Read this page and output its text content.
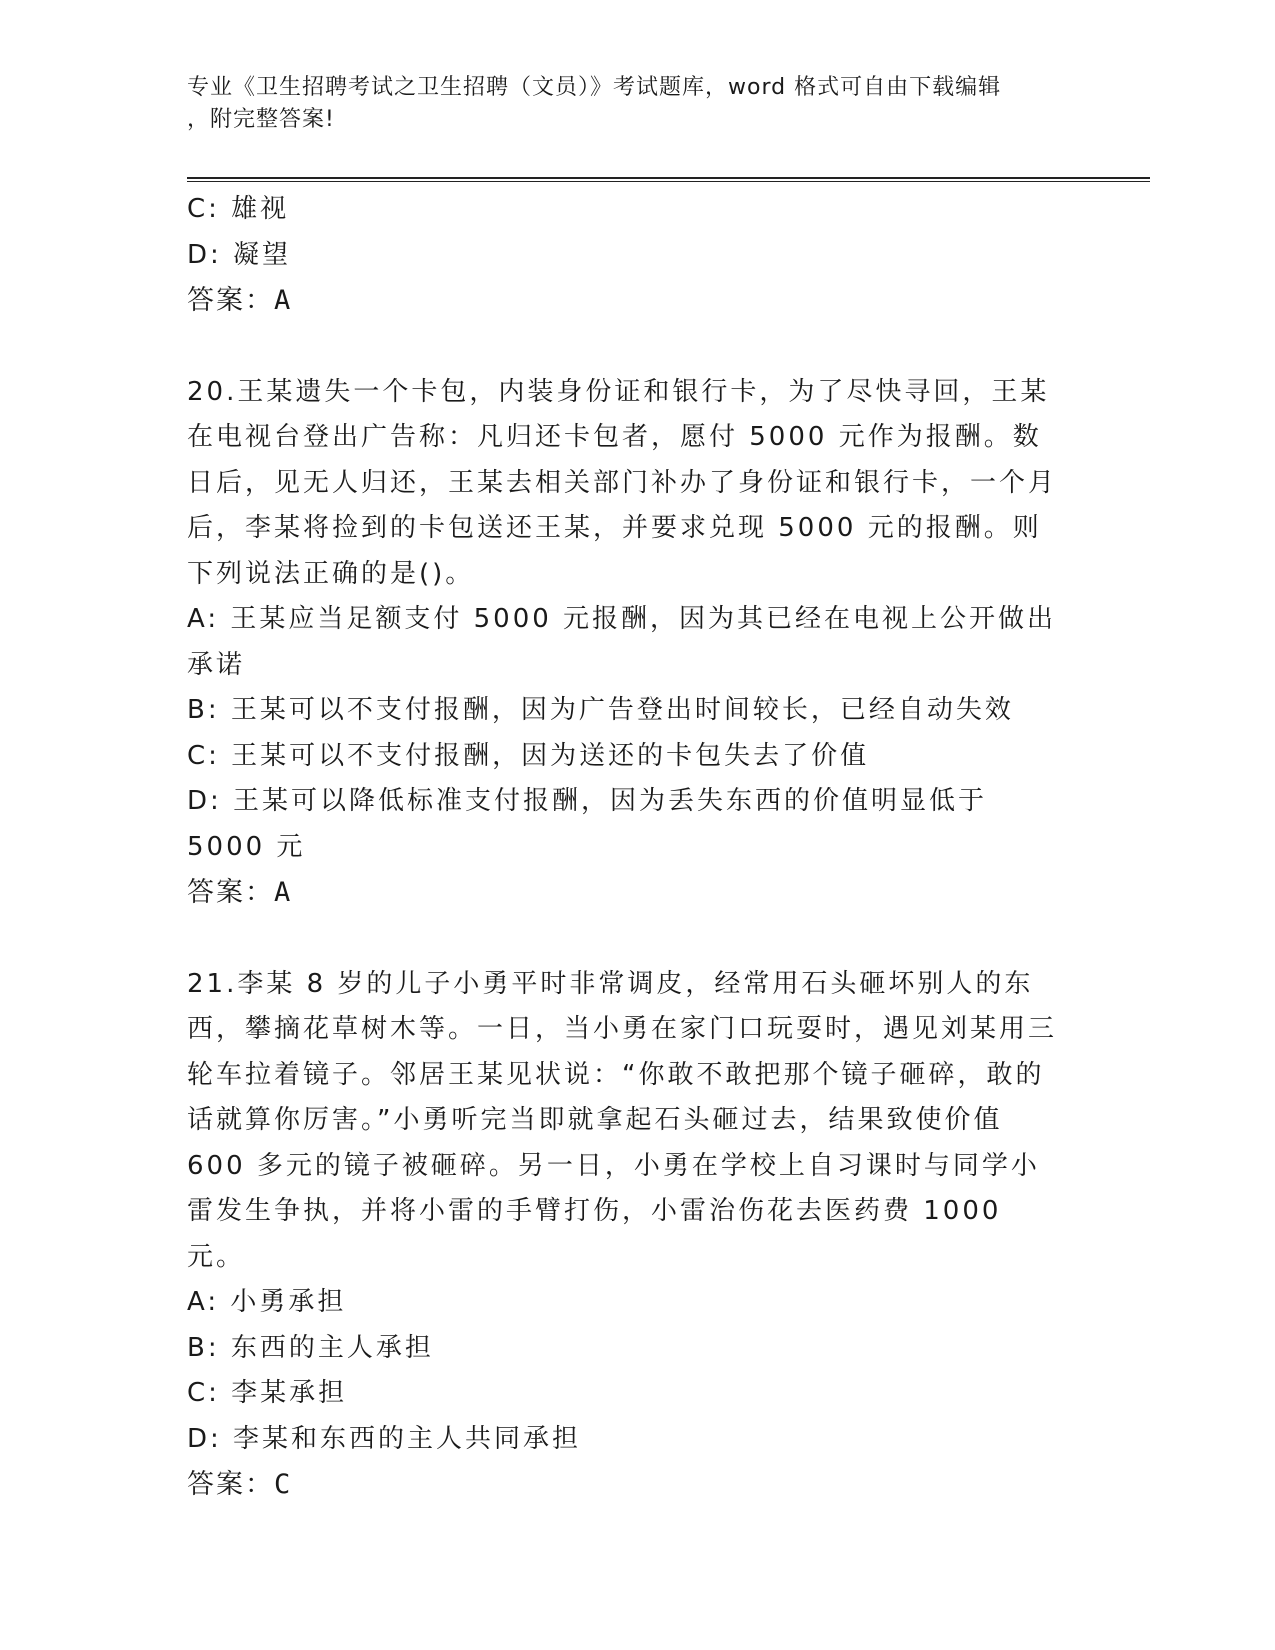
专业《卫生招聘考试之卫生招聘（文员）》考试题库，word 格式可自由下载编辑
，附完整答案!

C: 雄视

D: 凝望

答案：A

20.王某遗失一个卡包，内装身份证和银行卡，为了尽快寻回，王某在电视台登出广告称：凡归还卡包者，愿付 5000 元作为报酬。数日后，见无人归还，王某去相关部门补办了身份证和银行卡，一个月后，李某将捡到的卡包送还王某，并要求兑现 5000 元的报酬。则下列说法正确的是()。

A: 王某应当足额支付 5000 元报酬，因为其已经在电视上公开做出承诺

B: 王某可以不支付报酬，因为广告登出时间较长，已经自动失效

C: 王某可以不支付报酬，因为送还的卡包失去了价值

D: 王某可以降低标准支付报酬，因为丢失东西的价值明显低于 5000 元

答案：A

21.李某 8 岁的儿子小勇平时非常调皮，经常用石头砸坏别人的东西，攀摘花草树木等。一日，当小勇在家门口玩耍时，遇见刘某用三轮车拉着镜子。邻居王某见状说：“你敢不敢把那个镜子砸碎，敢的话就算你厉害。”小勇听完当即就拿起石头砸过去，结果致使价值 600 多元的镜子被砸碎。另一日，小勇在学校上自习课时与同学小雷发生争执，并将小雷的手臂打伤，小雷治伤花去医药费 1000 元。

A: 小勇承担

B: 东西的主人承担

C: 李某承担

D: 李某和东西的主人共同承担

答案：C
